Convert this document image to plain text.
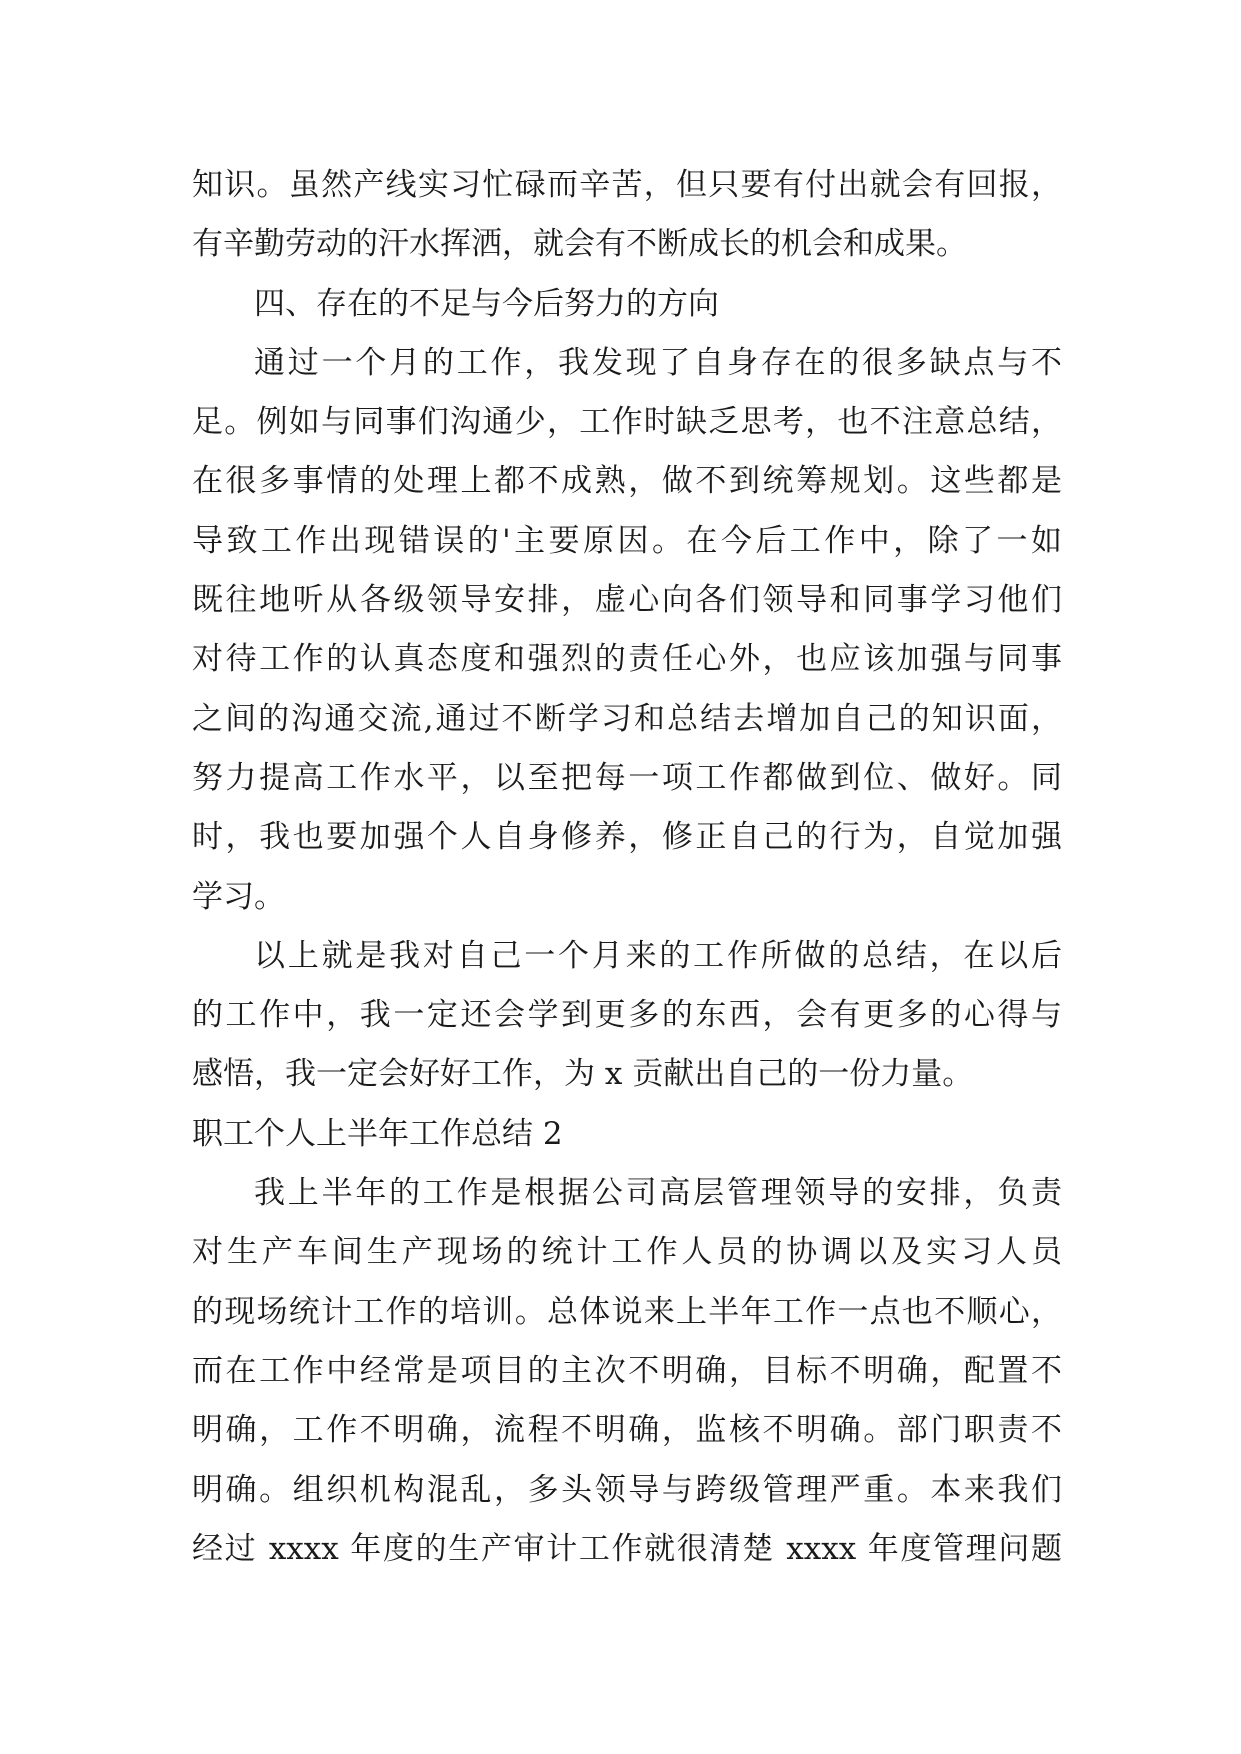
知识。虽然产线实习忙碌而辛苦，但只要有付出就会有回报，
有辛勤劳动的汗水挥洒，就会有不断成长的机会和成果。
四、存在的不足与今后努力的方向
通过一个月的工作，我发现了自身存在的很多缺点与不
足。例如与同事们沟通少，工作时缺乏思考，也不注意总结，
在很多事情的处理上都不成熟，做不到统筹规划。这些都是
导致工作出现错误的'主要原因。在今后工作中，除了一如
既往地听从各级领导安排，虚心向各们领导和同事学习他们
对待工作的认真态度和强烈的责任心外，也应该加强与同事
之间的沟通交流,通过不断学习和总结去增加自己的知识面，
努力提高工作水平，以至把每一项工作都做到位、做好。同
时，我也要加强个人自身修养，修正自己的行为，自觉加强
学习。
以上就是我对自己一个月来的工作所做的总结，在以后
的工作中，我一定还会学到更多的东西，会有更多的心得与
感悟，我一定会好好工作，为 x 贡献出自己的一份力量。
职工个人上半年工作总结 2
我上半年的工作是根据公司高层管理领导的安排，负责
对生产车间生产现场的统计工作人员的协调以及实习人员
的现场统计工作的培训。总体说来上半年工作一点也不顺心，
而在工作中经常是项目的主次不明确，目标不明确，配置不
明确，工作不明确，流程不明确，监核不明确。部门职责不
明确。组织机构混乱，多头领导与跨级管理严重。本来我们
经过 xxxx 年度的生产审计工作就很清楚 xxxx 年度管理问题
